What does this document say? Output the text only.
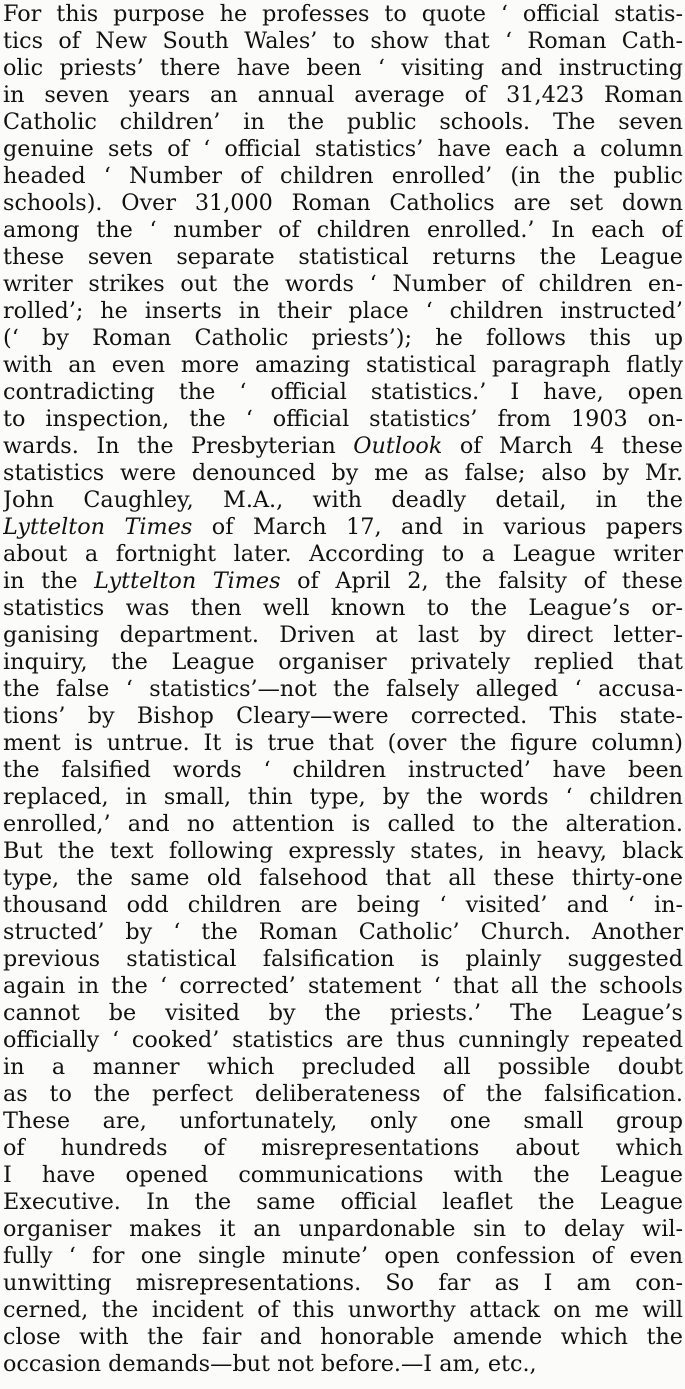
For this purpose he professes to quote ‘ official statis-
tics of New South Wales’ to show that ‘ Roman Cath-
olic priests’ there have been ‘ visiting and instructing
in seven years an annual average of 31,423 Roman
Catholic children’ in the public schools. The seven
genuine sets of ‘ official statistics’ have each a column
headed ‘ Number of children enrolled’ (in the public
schools). Over 31,000 Roman Catholics are set down
among the ‘ number of children enrolled.’ In each of
these seven separate statistical returns the League
writer strikes out the words ‘ Number of children en-
rolled’; he inserts in their place ‘ children instructed’
(‘ by Roman Catholic priests’); he follows this up
with an even more amazing statistical paragraph flatly
contradicting the ‘ official statistics.’ I have, open
to inspection, the ‘ official statistics’ from 1903 on-
wards. In the Presbyterian Outlook of March 4 these
statistics were denounced by me as false; also by Mr.
John Caughley, M.A., with deadly detail, in the
Lyttelton Times of March 17, and in various papers
about a fortnight later. According to a League writer
in the Lyttelton Times of April 2, the falsity of these
statistics was then well known to the League’s or-
ganising department. Driven at last by direct letter-
inquiry, the League organiser privately replied that
the false ‘ statistics’—not the falsely alleged ‘ accusa-
tions’ by Bishop Cleary—were corrected. This state-
ment is untrue. It is true that (over the figure column)
the falsified words ‘ children instructed’ have been
replaced, in small, thin type, by the words ‘ children
enrolled,’ and no attention is called to the alteration.
But the text following expressly states, in heavy, black
type, the same old falsehood that all these thirty-one
thousand odd children are being ‘ visited’ and ‘ in-
structed’ by ‘ the Roman Catholic’ Church. Another
previous statistical falsification is plainly suggested
again in the ‘ corrected’ statement ‘ that all the schools
cannot be visited by the priests.’ The League’s
officially ‘ cooked’ statistics are thus cunningly repeated
in a manner which precluded all possible doubt
as to the perfect deliberateness of the falsification.
These are, unfortunately, only one small group
of hundreds of misrepresentations about which
I have opened communications with the League
Executive. In the same official leaflet the League
organiser makes it an unpardonable sin to delay wil-
fully ‘ for one single minute’ open confession of even
unwitting misrepresentations. So far as I am con-
cerned, the incident of this unworthy attack on me will
close with the fair and honorable amende which the
occasion demands—but not before.—I am, etc.,
